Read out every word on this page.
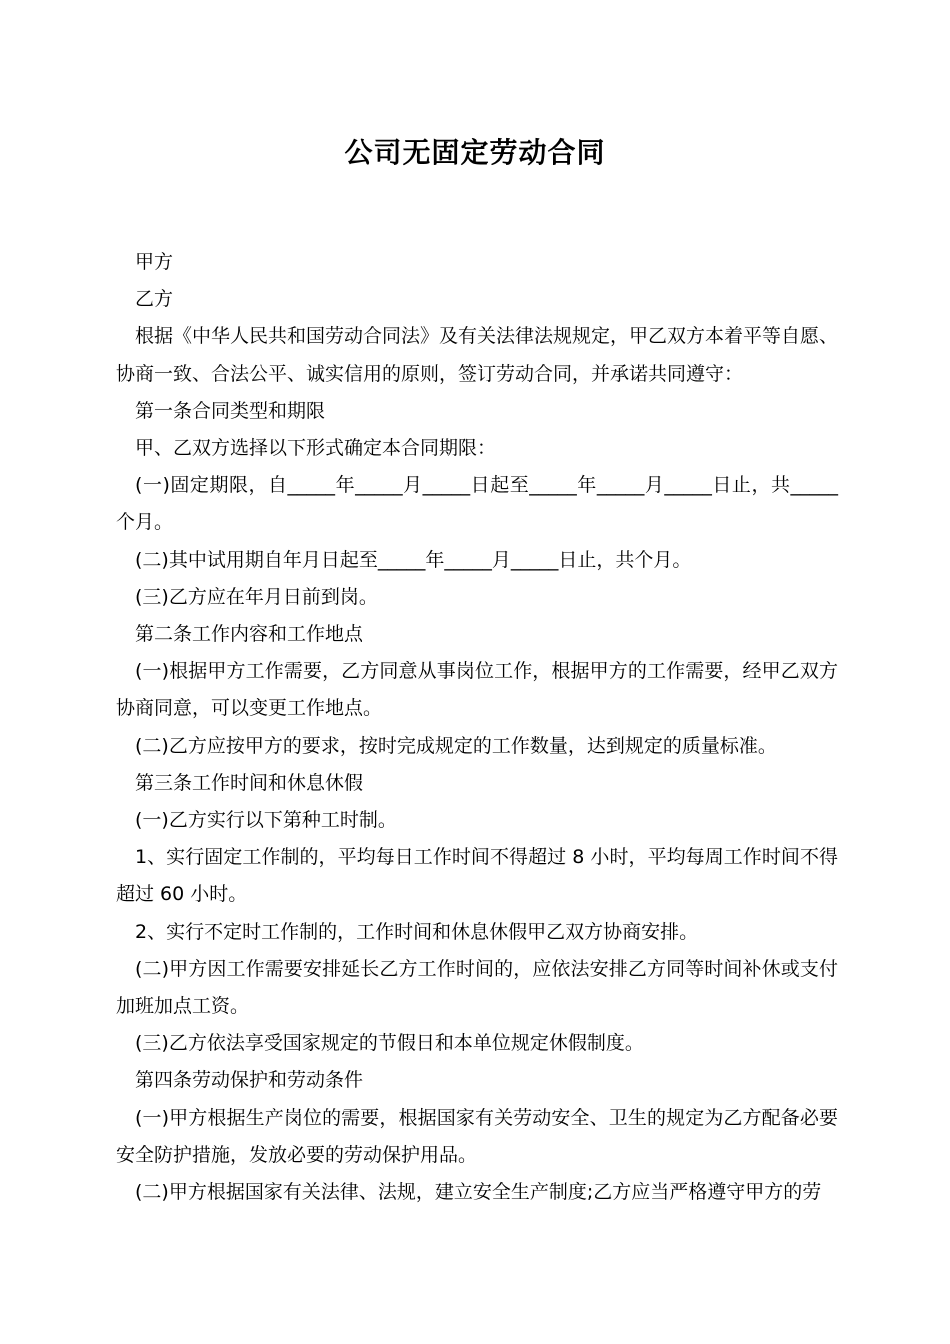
公司无固定劳动合同

甲方

乙方

根据《中华人民共和国劳动合同法》及有关法律法规规定，甲乙双方本着平等自愿、协商一致、合法公平、诚实信用的原则，签订劳动合同，并承诺共同遵守：

第一条合同类型和期限

甲、乙双方选择以下形式确定本合同期限：

(一)固定期限，自_____年_____月_____日起至_____年_____月_____日止，共_____个月。

(二)其中试用期自年月日起至_____年_____月_____日止，共个月。

(三)乙方应在年月日前到岗。

第二条工作内容和工作地点

(一)根据甲方工作需要，乙方同意从事岗位工作，根据甲方的工作需要，经甲乙双方协商同意，可以变更工作地点。

(二)乙方应按甲方的要求，按时完成规定的工作数量，达到规定的质量标准。

第三条工作时间和休息休假

(一)乙方实行以下第种工时制。

1、实行固定工作制的，平均每日工作时间不得超过 8 小时，平均每周工作时间不得超过 60 小时。

2、实行不定时工作制的，工作时间和休息休假甲乙双方协商安排。

(二)甲方因工作需要安排延长乙方工作时间的，应依法安排乙方同等时间补休或支付加班加点工资。

(三)乙方依法享受国家规定的节假日和本单位规定休假制度。

第四条劳动保护和劳动条件

(一)甲方根据生产岗位的需要，根据国家有关劳动安全、卫生的规定为乙方配备必要安全防护措施，发放必要的劳动保护用品。

(二)甲方根据国家有关法律、法规，建立安全生产制度;乙方应当严格遵守甲方的劳
